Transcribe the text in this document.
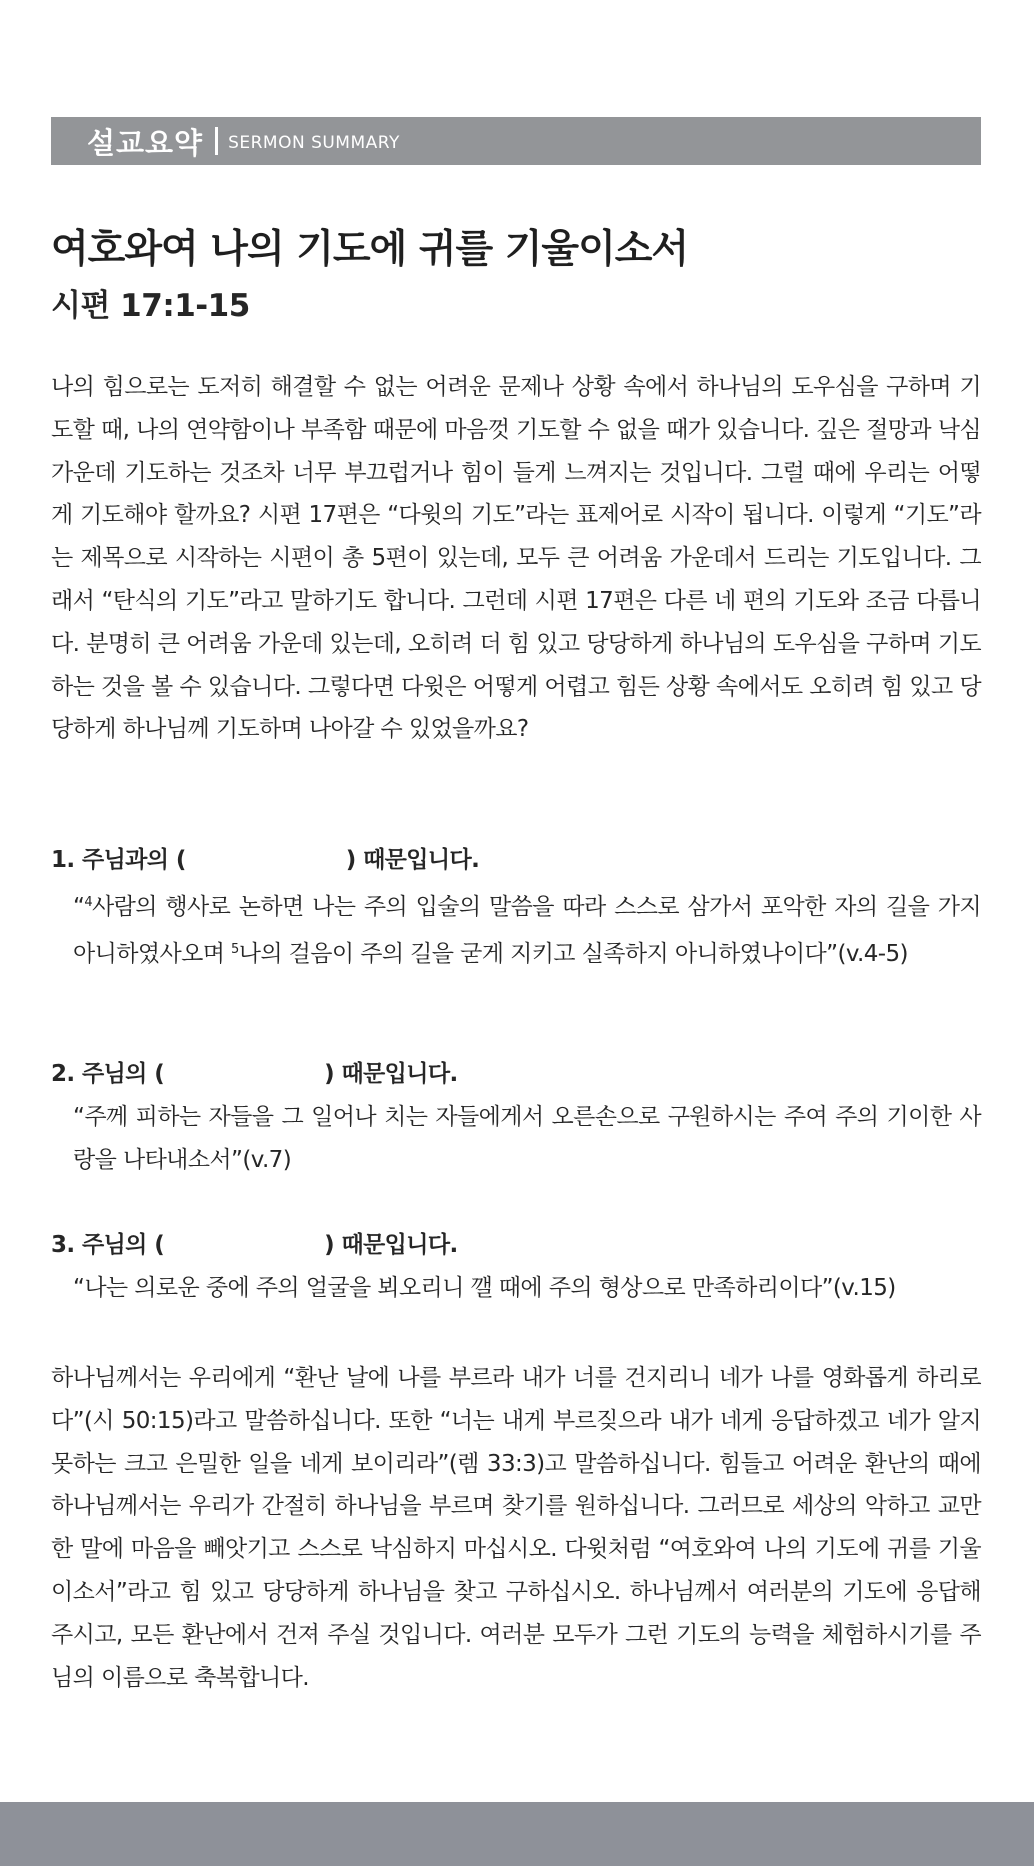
설교요약 SERMON SUMMARY
여호와여 나의 기도에 귀를 기울이소서
시편 17:1-15

나의 힘으로는 도저히 해결할 수 없는 어려운 문제나 상황 속에서 하나님의 도우심을 구하며 기도할 때, 나의 연약함이나 부족함 때문에 마음껏 기도할 수 없을 때가 있습니다. 깊은 절망과 낙심 가운데 기도하는 것조차 너무 부끄럽거나 힘이 들게 느껴지는 것입니다. 그럴 때에 우리는 어떻게 기도해야 할까요? 시편 17편은 “다윗의 기도”라는 표제어로 시작이 됩니다. 이렇게 “기도”라는 제목으로 시작하는 시편이 총 5편이 있는데, 모두 큰 어려움 가운데서 드리는 기도입니다. 그래서 “탄식의 기도”라고 말하기도 합니다. 그런데 시편 17편은 다른 네 편의 기도와 조금 다릅니다. 분명히 큰 어려움 가운데 있는데, 오히려 더 힘 있고 당당하게 하나님의 도우심을 구하며 기도하는 것을 볼 수 있습니다. 그렇다면 다윗은 어떻게 어렵고 힘든 상황 속에서도 오히려 힘 있고 당당하게 하나님께 기도하며 나아갈 수 있었을까요?

1. 주님과의 (	) 때문입니다.

“$^4$사람의 행사로 논하면 나는 주의 입술의 말씀을 따라 스스로 삼가서 포악한 자의 길을 가지 아니하였사오며 $^5$나의 걸음이 주의 길을 굳게 지키고 실족하지 아니하였나이다”(v.4-5)

2. 주님의 (	) 때문입니다.

“주께 피하는 자들을 그 일어나 치는 자들에게서 오른손으로 구원하시는 주여 주의 기이한 사랑을 나타내소서”(v.7)

3. 주님의 (	) 때문입니다.

“나는 의로운 중에 주의 얼굴을 뵈오리니 깰 때에 주의 형상으로 만족하리이다”(v.15)

하나님께서는 우리에게 “환난 날에 나를 부르라 내가 너를 건지리니 네가 나를 영화롭게 하리로다”(시 50:15)라고 말씀하십니다. 또한 “너는 내게 부르짖으라 내가 네게 응답하겠고 네가 알지 못하는 크고 은밀한 일을 네게 보이리라”(렘 33:3)고 말씀하십니다. 힘들고 어려운 환난의 때에 하나님께서는 우리가 간절히 하나님을 부르며 찾기를 원하십니다. 그러므로 세상의 악하고 교만한 말에 마음을 빼앗기고 스스로 낙심하지 마십시오. 다윗처럼 “여호와여 나의 기도에 귀를 기울이소서”라고 힘 있고 당당하게 하나님을 찾고 구하십시오. 하나님께서 여러분의 기도에 응답해 주시고, 모든 환난에서 건져 주실 것입니다. 여러분 모두가 그런 기도의 능력을 체험하시기를 주님의 이름으로 축복합니다.
